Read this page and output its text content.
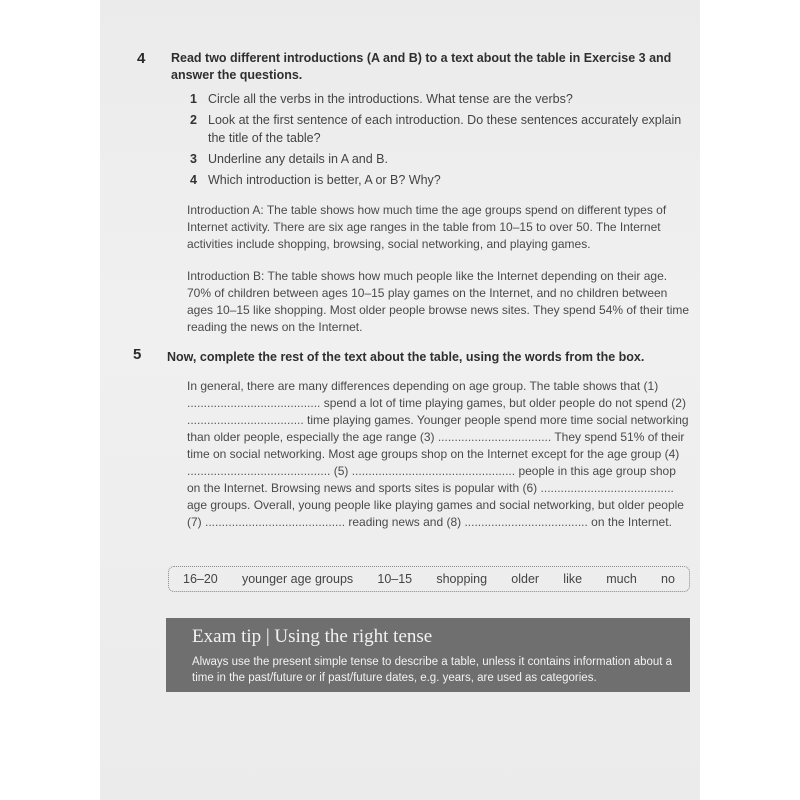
4 Read two different introductions (A and B) to a text about the table in Exercise 3 and answer the questions.
1 Circle all the verbs in the introductions. What tense are the verbs?
2 Look at the first sentence of each introduction. Do these sentences accurately explain the title of the table?
3 Underline any details in A and B.
4 Which introduction is better, A or B? Why?

Introduction A: The table shows how much time the age groups spend on different types of Internet activity. There are six age ranges in the table from 10–15 to over 50. The Internet activities include shopping, browsing, social networking, and playing games.

Introduction B: The table shows how much people like the Internet depending on their age. 70% of children between ages 10–15 play games on the Internet, and no children between ages 10–15 like shopping. Most older people browse news sites. They spend 54% of their time reading the news on the Internet.

5 Now, complete the rest of the text about the table, using the words from the box.

In general, there are many differences depending on age group. The table shows that (1) ........................................ spend a lot of time playing games, but older people do not spend (2) ................................... time playing games. Younger people spend more time social networking than older people, especially the age range (3) .................................. They spend 51% of their time on social networking. Most age groups shop on the Internet except for the age group (4) ........................................... (5) ................................................. people in this age group shop on the Internet. Browsing news and sports sites is popular with (6) ........................................ age groups. Overall, young people like playing games and social networking, but older people (7) .......................................... reading news and (8) ..................................... on the Internet.

16–20 younger age groups 10–15 shopping older like much no
Exam tip | Using the right tense
Always use the present simple tense to describe a table, unless it contains information about a time in the past/future or if past/future dates, e.g. years, are used as categories.
